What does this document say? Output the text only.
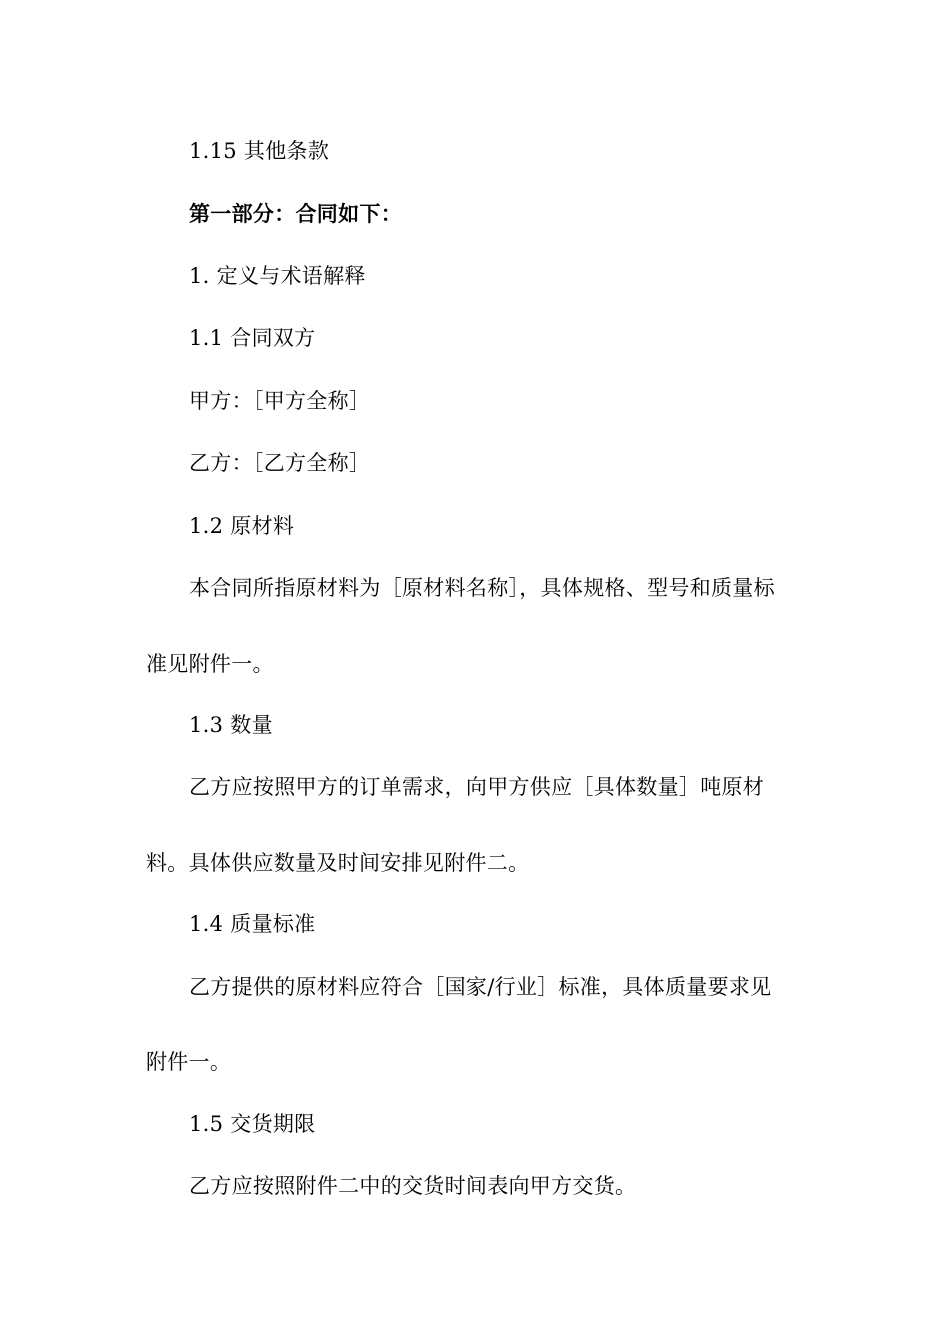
1.15 其他条款
第一部分：合同如下：
1. 定义与术语解释
1.1 合同双方
甲方：［甲方全称］
乙方：［乙方全称］
1.2 原材料
本合同所指原材料为［原材料名称］，具体规格、型号和质量标
准见附件一。
1.3 数量
乙方应按照甲方的订单需求，向甲方供应［具体数量］吨原材
料。具体供应数量及时间安排见附件二。
1.4 质量标准
乙方提供的原材料应符合［国家/行业］标准，具体质量要求见
附件一。
1.5 交货期限
乙方应按照附件二中的交货时间表向甲方交货。
